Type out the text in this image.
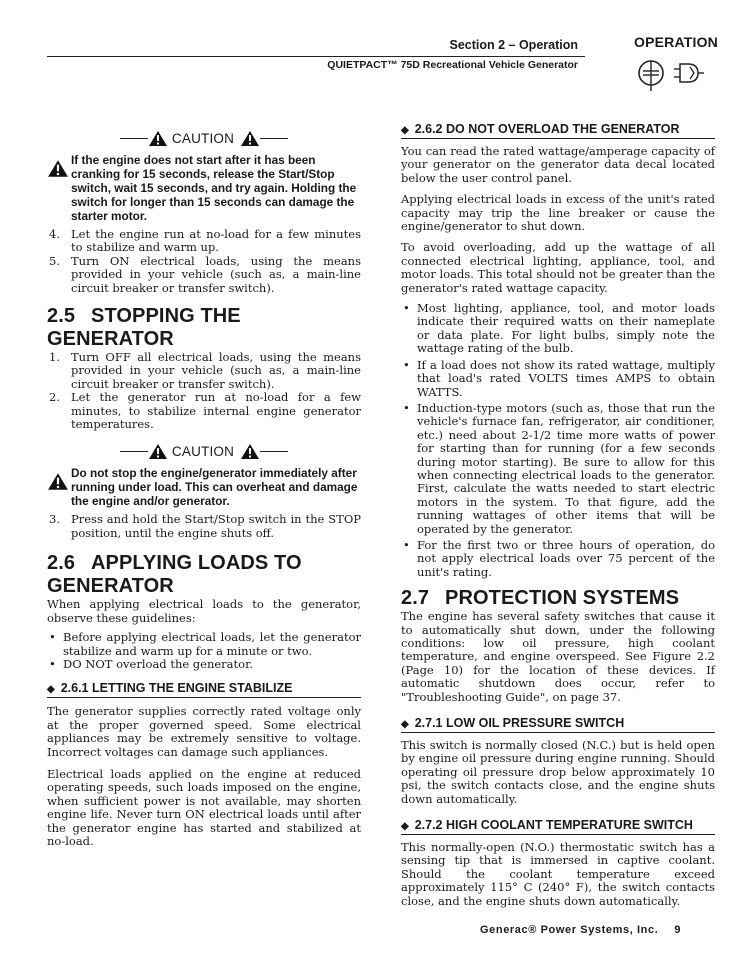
Section 2 – Operation
QUIETPACT™ 75D Recreational Vehicle Generator
OPERATION
CAUTION
If the engine does not start after it has been cranking for 15 seconds, release the Start/Stop switch, wait 15 seconds, and try again. Holding the switch for longer than 15 seconds can damage the starter motor.
4. Let the engine run at no-load for a few minutes to stabilize and warm up.
5. Turn ON electrical loads, using the means provided in your vehicle (such as, a main-line circuit breaker or transfer switch).
2.5 STOPPING THE GENERATOR
1. Turn OFF all electrical loads, using the means provided in your vehicle (such as, a main-line circuit breaker or transfer switch).
2. Let the generator run at no-load for a few minutes, to stabilize internal engine generator temperatures.
CAUTION
Do not stop the engine/generator immediately after running under load. This can overheat and damage the engine and/or generator.
3. Press and hold the Start/Stop switch in the STOP position, until the engine shuts off.
2.6 APPLYING LOADS TO GENERATOR
When applying electrical loads to the generator, observe these guidelines:
• Before applying electrical loads, let the generator stabilize and warm up for a minute or two.
• DO NOT overload the generator.
◆ 2.6.1 LETTING THE ENGINE STABILIZE
The generator supplies correctly rated voltage only at the proper governed speed. Some electrical appliances may be extremely sensitive to voltage. Incorrect voltages can damage such appliances.
Electrical loads applied on the engine at reduced operating speeds, such loads imposed on the engine, when sufficient power is not available, may shorten engine life. Never turn ON electrical loads until after the generator engine has started and stabilized at no-load.
◆ 2.6.2 DO NOT OVERLOAD THE GENERATOR
You can read the rated wattage/amperage capacity of your generator on the generator data decal located below the user control panel.
Applying electrical loads in excess of the unit's rated capacity may trip the line breaker or cause the engine/generator to shut down.
To avoid overloading, add up the wattage of all connected electrical lighting, appliance, tool, and motor loads. This total should not be greater than the generator's rated wattage capacity.
• Most lighting, appliance, tool, and motor loads indicate their required watts on their nameplate or data plate. For light bulbs, simply note the wattage rating of the bulb.
• If a load does not show its rated wattage, multiply that load's rated VOLTS times AMPS to obtain WATTS.
• Induction-type motors (such as, those that run the vehicle's furnace fan, refrigerator, air conditioner, etc.) need about 2-1/2 time more watts of power for starting than for running (for a few seconds during motor starting). Be sure to allow for this when connecting electrical loads to the generator. First, calculate the watts needed to start electric motors in the system. To that figure, add the running wattages of other items that will be operated by the generator.
• For the first two or three hours of operation, do not apply electrical loads over 75 percent of the unit's rating.
2.7 PROTECTION SYSTEMS
The engine has several safety switches that cause it to automatically shut down, under the following conditions: low oil pressure, high coolant temperature, and engine overspeed. See Figure 2.2 (Page 10) for the location of these devices. If automatic shutdown does occur, refer to "Troubleshooting Guide", on page 37.
◆ 2.7.1 LOW OIL PRESSURE SWITCH
This switch is normally closed (N.C.) but is held open by engine oil pressure during engine running. Should operating oil pressure drop below approximately 10 psi, the switch contacts close, and the engine shuts down automatically.
◆ 2.7.2 HIGH COOLANT TEMPERATURE SWITCH
This normally-open (N.O.) thermostatic switch has a sensing tip that is immersed in captive coolant. Should the coolant temperature exceed approximately 115° C (240° F), the switch contacts close, and the engine shuts down automatically.
Generac® Power Systems, Inc. 9
